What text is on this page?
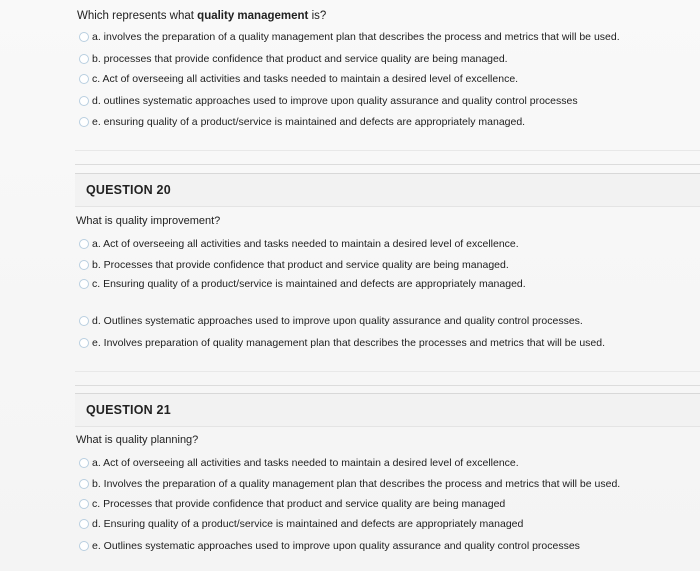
Which represents what quality management is?
a. involves the preparation of a quality management plan that describes the process and metrics that will be used.
b. processes that provide confidence that product and service quality are being managed.
c. Act of overseeing all activities and tasks needed to maintain a desired level of excellence.
d. outlines systematic approaches used to improve upon quality assurance and quality control processes
e. ensuring quality of a product/service is maintained and defects are appropriately managed.
QUESTION 20
What is quality improvement?
a. Act of overseeing all activities and tasks needed to maintain a desired level of excellence.
b. Processes that provide confidence that product and service quality are being managed.
c. Ensuring quality of a product/service is maintained and defects are appropriately managed.
d. Outlines systematic approaches used to improve upon quality assurance and quality control processes.
e. Involves preparation of quality management plan that describes the processes and metrics that will be used.
QUESTION 21
What is quality planning?
a. Act of overseeing all activities and tasks needed to maintain a desired level of excellence.
b. Involves the preparation of a quality management plan that describes the process and metrics that will be used.
c. Processes that provide confidence that product and service quality are being managed
d. Ensuring quality of a product/service is maintained and defects are appropriately managed
e. Outlines systematic approaches used to improve upon quality assurance and quality control processes
